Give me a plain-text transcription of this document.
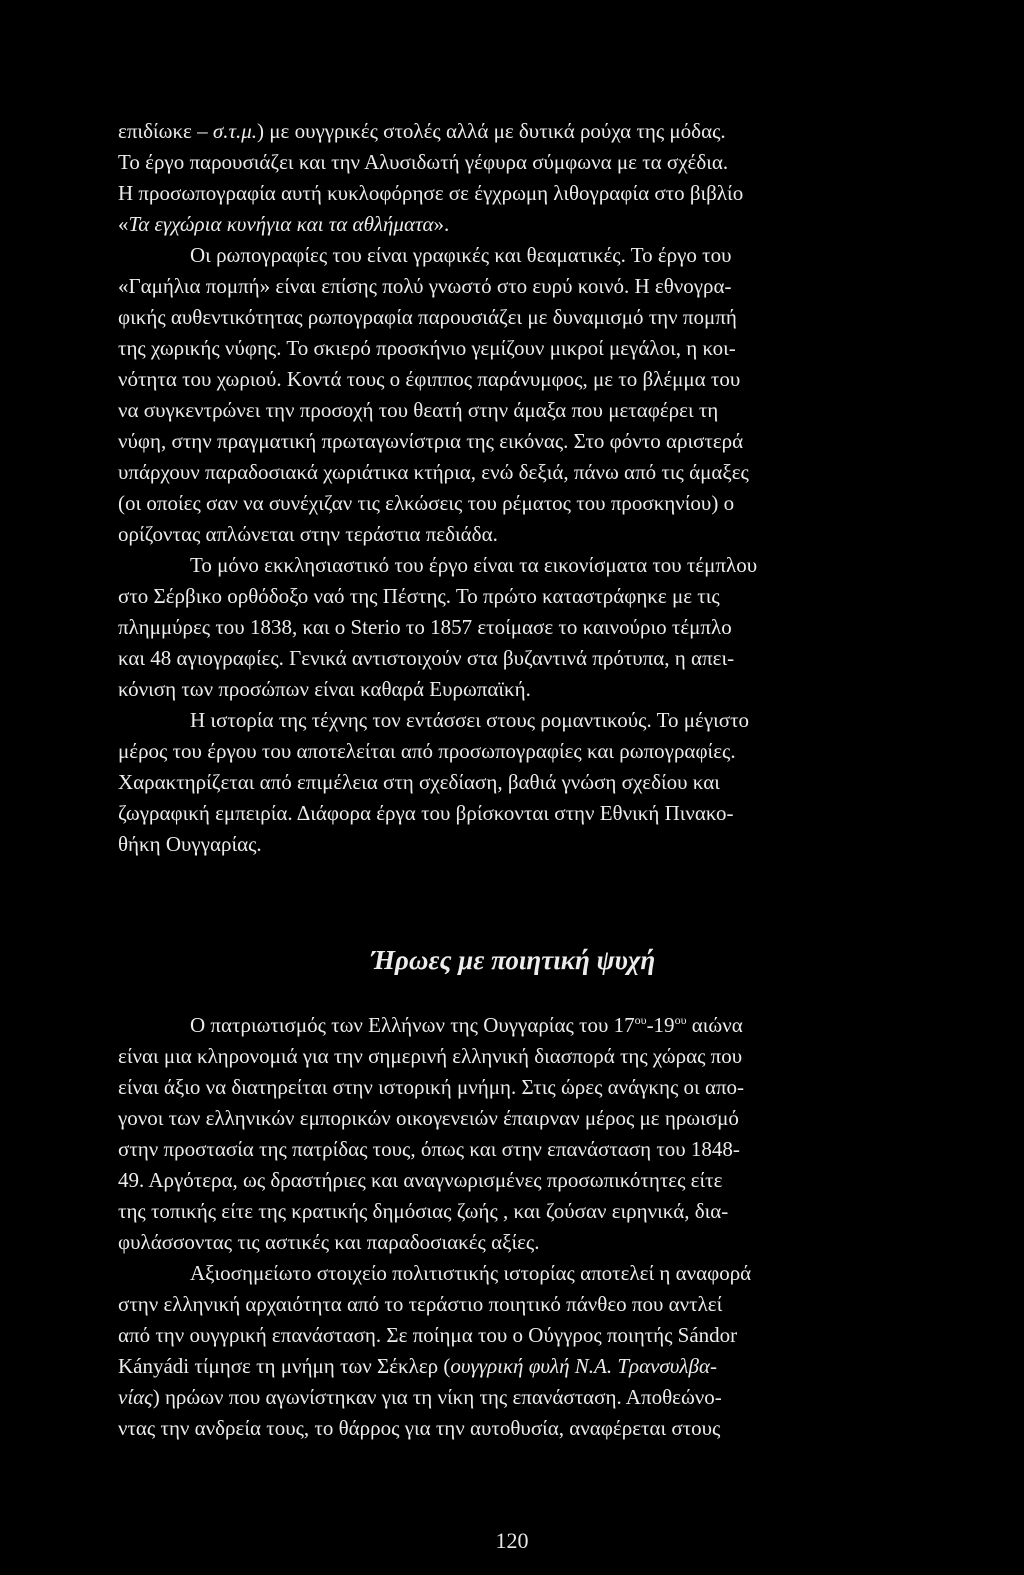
επιδίωκε – σ.τ.μ.) με ουγγρικές στολές αλλά με δυτικά ρούχα της μόδας.
Το έργο παρουσιάζει και την Αλυσιδωτή γέφυρα σύμφωνα με τα σχέδια.
Η προσωπογραφία αυτή κυκλοφόρησε σε έγχρωμη λιθογραφία στο βιβλίο
«Τα εγχώρια κυνήγια και τα αθλήματα».
Οι ρωπογραφίες του είναι γραφικές και θεαματικές. Το έργο του
«Γαμήλια πομπή» είναι επίσης πολύ γνωστό στο ευρύ κοινό. Η εθνογρα-
φικής αυθεντικότητας ρωπογραφία παρουσιάζει με δυναμισμό την πομπή
της χωρικής νύφης. Το σκιερό προσκήνιο γεμίζουν μικροί μεγάλοι, η κοι-
νότητα του χωριού. Κοντά τους ο έφιππος παράνυμφος, με το βλέμμα του
να συγκεντρώνει την προσοχή του θεατή στην άμαξα που μεταφέρει τη
νύφη, στην πραγματική πρωταγωνίστρια της εικόνας. Στο φόντο αριστερά
υπάρχουν παραδοσιακά χωριάτικα κτήρια, ενώ δεξιά, πάνω από τις άμαξες
(οι οποίες σαν να συνέχιζαν τις ελκώσεις του ρέματος του προσκηνίου) ο
ορίζοντας απλώνεται στην τεράστια πεδιάδα.
Το μόνο εκκλησιαστικό του έργο είναι τα εικονίσματα του τέμπλου
στο Σέρβικο ορθόδοξο ναό της Πέστης. Το πρώτο καταστράφηκε με τις
πλημμύρες του 1838, και ο Sterio το 1857 ετοίμασε το καινούριο τέμπλο
και 48 αγιογραφίες. Γενικά αντιστοιχούν στα βυζαντινά πρότυπα, η απει-
κόνιση των προσώπων είναι καθαρά Ευρωπαϊκή.
Η ιστορία της τέχνης τον εντάσσει στους ρομαντικούς. Το μέγιστο
μέρος του έργου του αποτελείται από προσωπογραφίες και ρωπογραφίες.
Χαρακτηρίζεται από επιμέλεια στη σχεδίαση, βαθιά γνώση σχεδίου και
ζωγραφική εμπειρία. Διάφορα έργα του βρίσκονται στην Εθνική Πινακο-
θήκη Ουγγαρίας.
Ήρωες με ποιητική ψυχή
Ο πατριωτισμός των Ελλήνων της Ουγγαρίας του $17^{o\upsilon}-19^{o\upsilon}$ αιώνα
είναι μια κληρονομιά για την σημερινή ελληνική διασπορά της χώρας που
είναι άξιο να διατηρείται στην ιστορική μνήμη. Στις ώρες ανάγκης οι απο-
γονοι των ελληνικών εμπορικών οικογενειών έπαιρναν μέρος με ηρωισμό
στην προστασία της πατρίδας τους, όπως και στην επανάσταση του 1848-
49. Αργότερα, ως δραστήριες και αναγνωρισμένες προσωπικότητες είτε
της τοπικής είτε της κρατικής δημόσιας ζωής , και ζούσαν ειρηνικά, δια-
φυλάσσοντας τις αστικές και παραδοσιακές αξίες.
Αξιοσημείωτο στοιχείο πολιτιστικής ιστορίας αποτελεί η αναφορά
στην ελληνική αρχαιότητα από το τεράστιο ποιητικό πάνθεο που αντλεί
από την ουγγρική επανάσταση. Σε ποίημα του ο Ούγγρος ποιητής Sándor
Kányádi τίμησε τη μνήμη των Σέκλερ (ουγγρική φυλή Ν.Α. Τρανσυλβα-
νίας) ηρώων που αγωνίστηκαν για τη νίκη της επανάσταση. Αποθεώνο-
ντας την ανδρεία τους, το θάρρος για την αυτοθυσία, αναφέρεται στους
120
